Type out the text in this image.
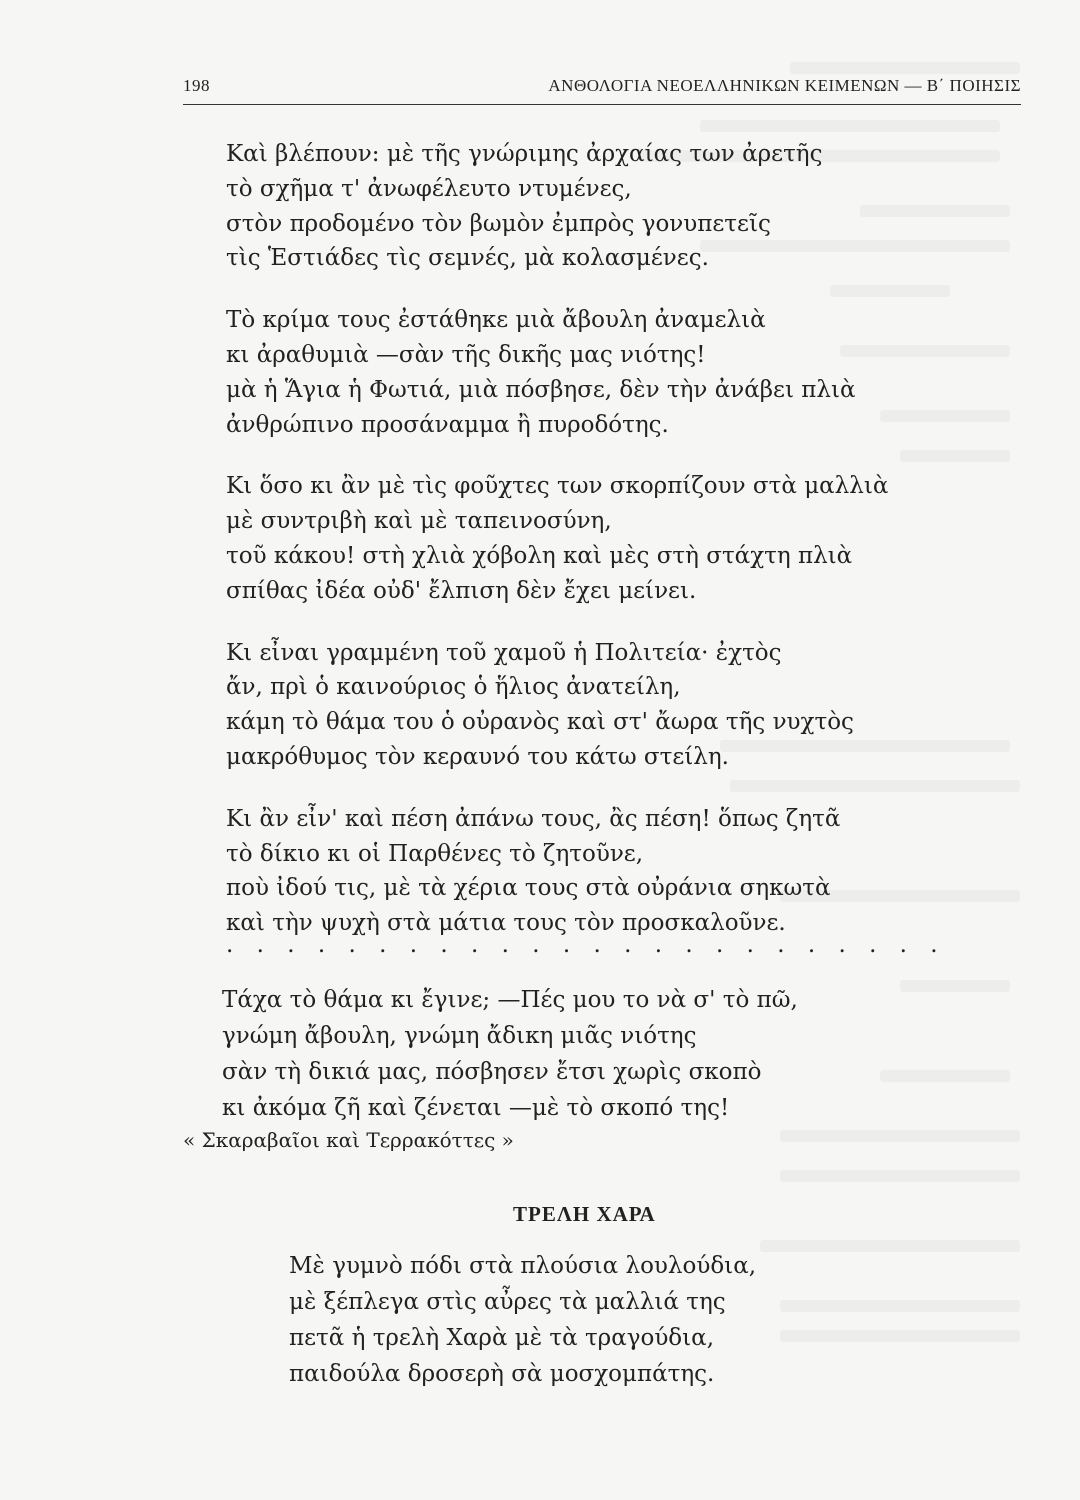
198	ΑΝΘΟΛΟΓΙΑ ΝΕΟΕΛΛΗΝΙΚΩΝ ΚΕΙΜΕΝΩΝ — Β΄ ΠΟΙΗΣΙΣ
Καὶ βλέπουν: μὲ τῆς γνώριμης ἀρχαίας των ἀρετῆς
τὸ σχῆμα τ' ἀνωφέλευτο ντυμένες,
στὸν προδομένο τὸν βωμὸν ἐμπρὸς γονυπετεῖς
τὶς Ἑστιάδες τὶς σεμνές, μὰ κολασμένες.
Τὸ κρίμα τους ἐστάθηκε μιὰ ἄβουλη ἀναμελιὰ
κι ἀραθυμιὰ —σὰν τῆς δικῆς μας νιότης!
μὰ ἡ Ἅγια ἡ Φωτιά, μιὰ πόσβησε, δὲν τὴν ἀνάβει πλιὰ
ἀνθρώπινο προσάναμμα ἢ πυροδότης.
Κι ὅσο κι ἂν μὲ τὶς φοῦχτες των σκορπίζουν στὰ μαλλιὰ
μὲ συντριβὴ καὶ μὲ ταπεινοσύνη,
τοῦ κάκου! στὴ χλιὰ χόβολη καὶ μὲς στὴ στάχτη πλιὰ
σπίθας ἰδέα οὐδ' ἔλπιση δὲν ἔχει μείνει.
Κι εἶναι γραμμένη τοῦ χαμοῦ ἡ Πολιτεία· ἐχτὸς
ἄν, πρὶ ὁ καινούριος ὁ ἥλιος ἀνατείλη,
κάμη τὸ θάμα του ὁ οὐρανὸς καὶ στ' ἄωρα τῆς νυχτὸς
μακρόθυμος τὸν κεραυνό του κάτω στείλη.
Κι ἂν εἶν' καὶ πέση ἀπάνω τους, ἂς πέση! ὅπως ζητᾶ
τὸ δίκιο κι οἱ Παρθένες τὸ ζητοῦνε,
ποὺ ἰδού τις, μὲ τὰ χέρια τους στὰ οὐράνια σηκωτὰ
καὶ τὴν ψυχὴ στὰ μάτια τους τὸν προσκαλοῦνε.
. . . . . . . . . . . . . . . . . . . . . . . .
Τάχα τὸ θάμα κι ἔγινε; —Πές μου το νὰ σ' τὸ πῶ,
γνώμη ἄβουλη, γνώμη ἄδικη μιᾶς νιότης
σὰν τὴ δικιά μας, πόσβησεν ἔτσι χωρὶς σκοπὸ
κι ἀκόμα ζῆ καὶ ζένεται —μὲ τὸ σκοπό της!
« Σκαραβαῖοι καὶ Τερρακόττες »
ΤΡΕΛΗ ΧΑΡΑ
Μὲ γυμνὸ πόδι στὰ πλούσια λουλούδια,
μὲ ξέπλεγα στὶς αὖρες τὰ μαλλιά της
πετᾶ ἡ τρελὴ Χαρὰ μὲ τὰ τραγούδια,
παιδούλα δροσερὴ σὰ μοσχομπάτης.
